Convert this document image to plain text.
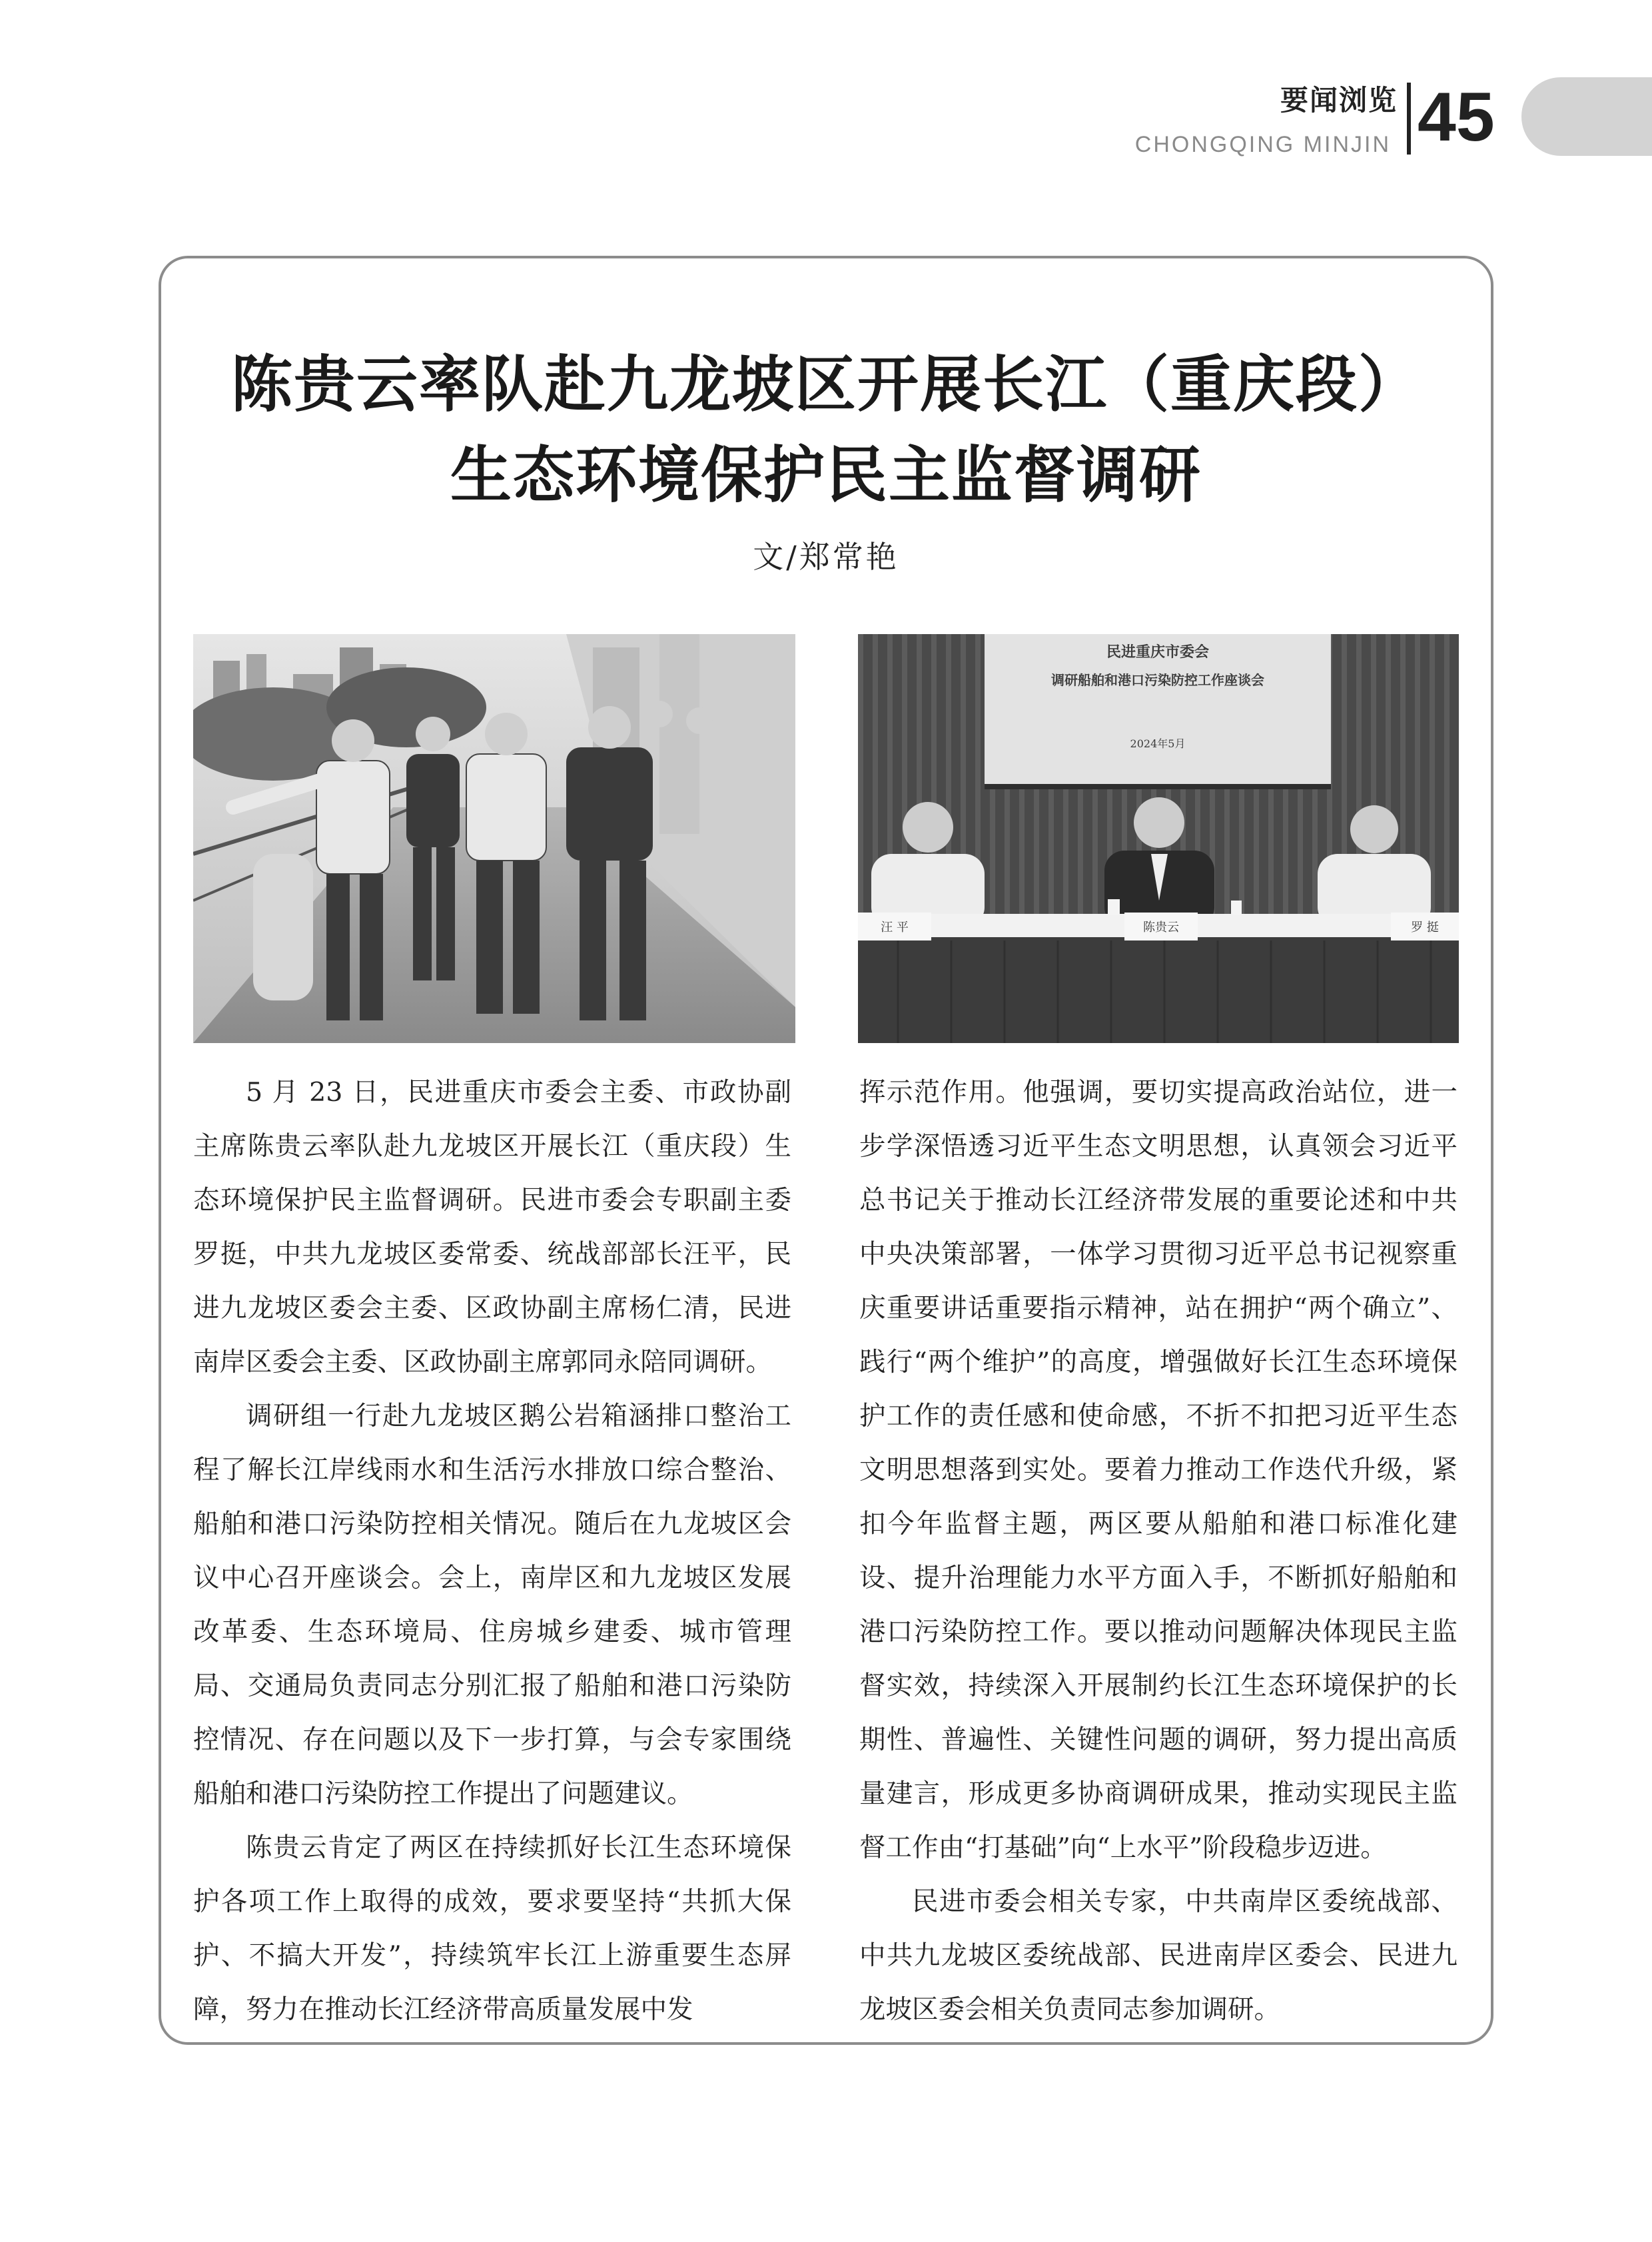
要闻浏览
CHONGQING MINJIN 45
陈贵云率队赴九龙坡区开展长江（重庆段）
生态环境保护民主监督调研
文/郑常艳
民进重庆市委会
调研船舶和港口污染防控工作座谈会
2024年5月
汪 平	陈贵云	罗 挺

5 月 23 日，民进重庆市委会主委、市政协副主席陈贵云率队赴九龙坡区开展长江（重庆段）生态环境保护民主监督调研。民进市委会专职副主委罗挺，中共九龙坡区委常委、统战部部长汪平，民进九龙坡区委会主委、区政协副主席杨仁清，民进南岸区委会主委、区政协副主席郭同永陪同调研。

调研组一行赴九龙坡区鹅公岩箱涵排口整治工程了解长江岸线雨水和生活污水排放口综合整治、船舶和港口污染防控相关情况。随后在九龙坡区会议中心召开座谈会。会上，南岸区和九龙坡区发展改革委、生态环境局、住房城乡建委、城市管理局、交通局负责同志分别汇报了船舶和港口污染防控情况、存在问题以及下一步打算，与会专家围绕船舶和港口污染防控工作提出了问题建议。

陈贵云肯定了两区在持续抓好长江生态环境保护各项工作上取得的成效，要求要坚持“共抓大保护、不搞大开发”，持续筑牢长江上游重要生态屏障，努力在推动长江经济带高质量发展中发

挥示范作用。他强调，要切实提高政治站位，进一步学深悟透习近平生态文明思想，认真领会习近平总书记关于推动长江经济带发展的重要论述和中共中央决策部署，一体学习贯彻习近平总书记视察重庆重要讲话重要指示精神，站在拥护“两个确立”、践行“两个维护”的高度，增强做好长江生态环境保护工作的责任感和使命感，不折不扣把习近平生态文明思想落到实处。要着力推动工作迭代升级，紧扣今年监督主题，两区要从船舶和港口标准化建设、提升治理能力水平方面入手，不断抓好船舶和港口污染防控工作。要以推动问题解决体现民主监督实效，持续深入开展制约长江生态环境保护的长期性、普遍性、关键性问题的调研，努力提出高质量建言，形成更多协商调研成果，推动实现民主监督工作由“打基础”向“上水平”阶段稳步迈进。

民进市委会相关专家，中共南岸区委统战部、中共九龙坡区委统战部、民进南岸区委会、民进九龙坡区委会相关负责同志参加调研。
